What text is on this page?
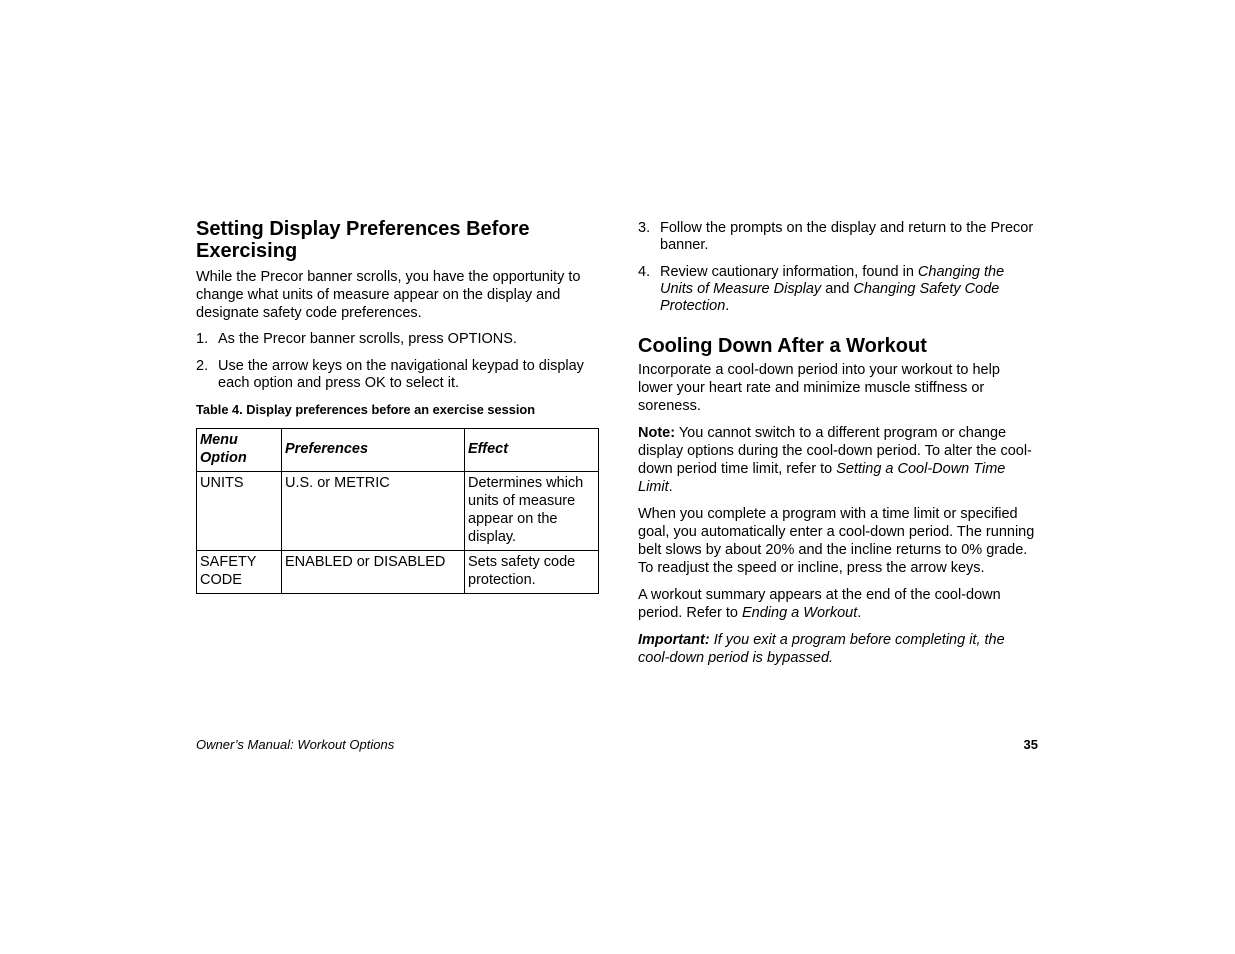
Setting Display Preferences Before Exercising

While the Precor banner scrolls, you have the opportunity to change what units of measure appear on the display and designate safety code preferences.

1. As the Precor banner scrolls, press OPTIONS.
2. Use the arrow keys on the navigational keypad to display each option and press OK to select it.
Table 4. Display preferences before an exercise session
Menu Option	Preferences	Effect
UNITS	U.S. or METRIC	Determines which units of measure appear on the display.
SAFETY CODE	ENABLED or DISABLED	Sets safety code protection.
3. Follow the prompts on the display and return to the Precor banner.
4. Review cautionary information, found in Changing the Units of Measure Display and Changing Safety Code Protection.
Cooling Down After a Workout

Incorporate a cool-down period into your workout to help lower your heart rate and minimize muscle stiffness or soreness.

Note: You cannot switch to a different program or change display options during the cool-down period. To alter the cool-down period time limit, refer to Setting a Cool-Down Time Limit.

When you complete a program with a time limit or specified goal, you automatically enter a cool-down period. The running belt slows by about 20% and the incline returns to 0% grade. To readjust the speed or incline, press the arrow keys.

A workout summary appears at the end of the cool-down period. Refer to Ending a Workout.

Important: If you exit a program before completing it, the cool-down period is bypassed.

Owner’s Manual: Workout Options	35
